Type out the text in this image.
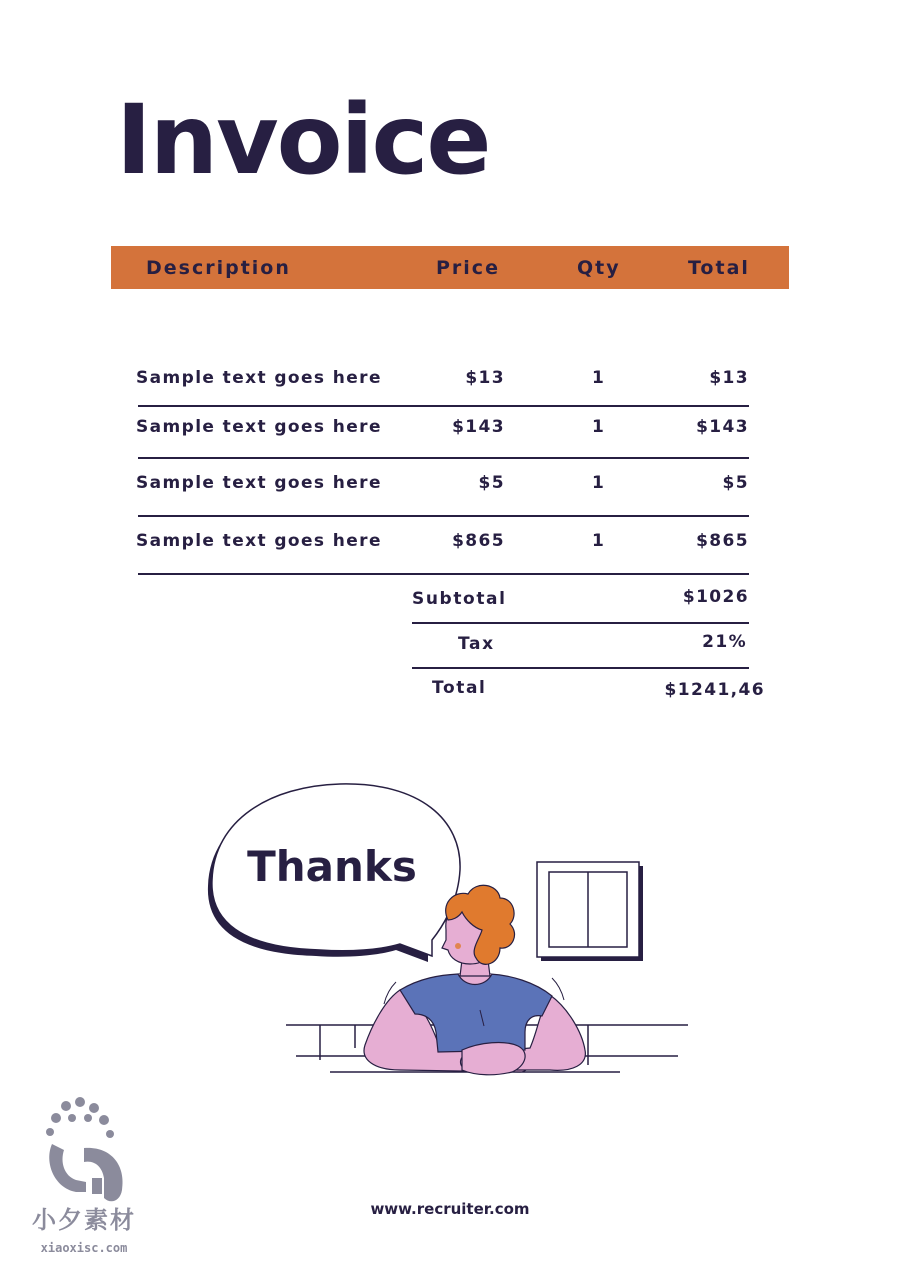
Invoice
Description	Price	Qty	Total
Sample text goes here	$13	1	$13
Sample text goes here	$143	1	$143
Sample text goes here	$5	1	$5
Sample text goes here	$865	1	$865
Subtotal	$1026
Tax	21%
Total	$1241,46
Thanks
www.recruiter.com
小夕素材
xiaoxisc.com
